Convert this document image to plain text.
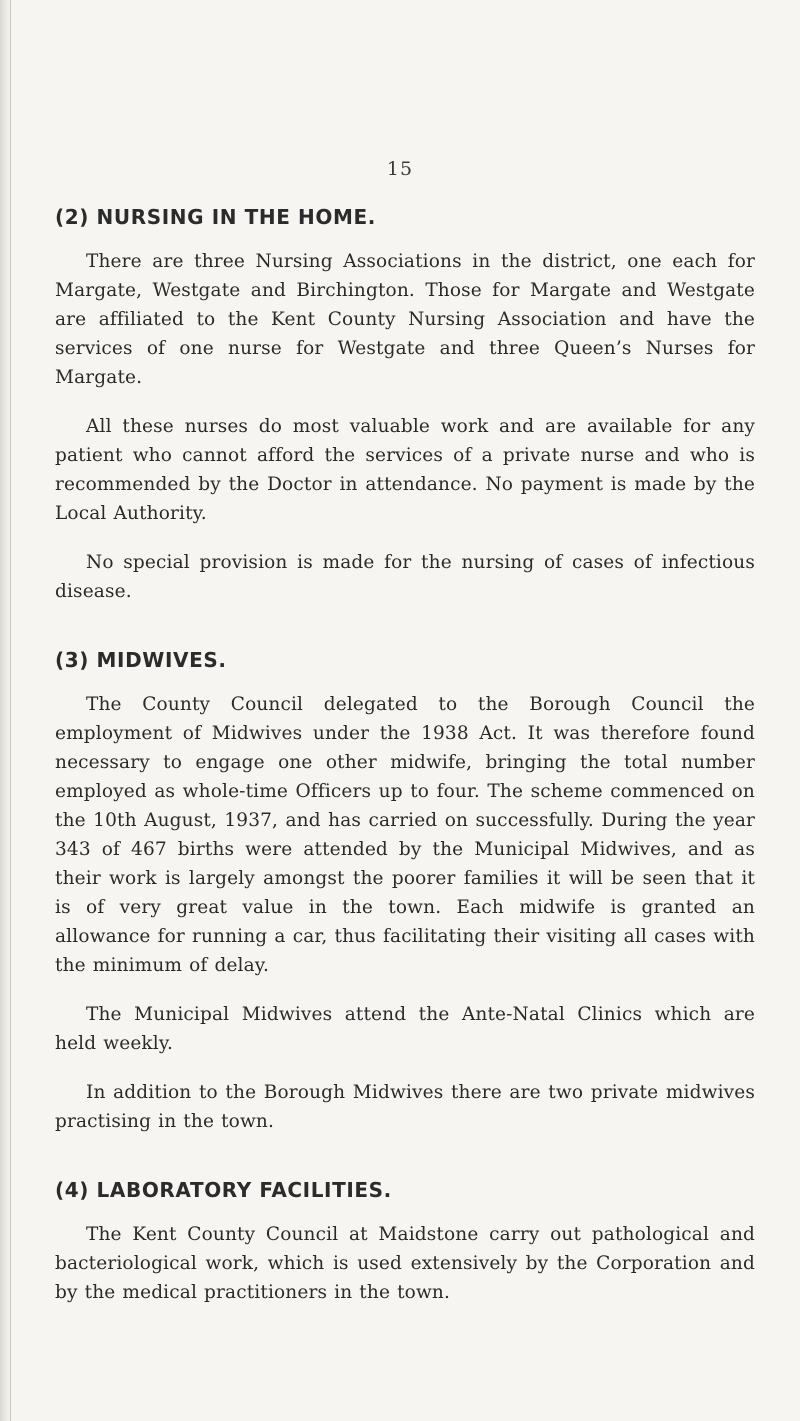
15
(2) NURSING IN THE HOME.

There are three Nursing Associations in the district, one each for Margate, Westgate and Birchington. Those for Margate and Westgate are affiliated to the Kent County Nursing Association and have the services of one nurse for Westgate and three Queen’s Nurses for Margate.

All these nurses do most valuable work and are available for any patient who cannot afford the services of a private nurse and who is recommended by the Doctor in attendance. No payment is made by the Local Authority.

No special provision is made for the nursing of cases of infectious disease.

(3) MIDWIVES.

The County Council delegated to the Borough Council the employment of Midwives under the 1938 Act. It was therefore found necessary to engage one other midwife, bringing the total number employed as whole-time Officers up to four. The scheme commenced on the 10th August, 1937, and has carried on successfully. During the year 343 of 467 births were attended by the Municipal Midwives, and as their work is largely amongst the poorer families it will be seen that it is of very great value in the town. Each midwife is granted an allowance for running a car, thus facilitating their visiting all cases with the minimum of delay.

The Municipal Midwives attend the Ante-Natal Clinics which are held weekly.

In addition to the Borough Midwives there are two private midwives practising in the town.

(4) LABORATORY FACILITIES.

The Kent County Council at Maidstone carry out pathological and bacteriological work, which is used extensively by the Corporation and by the medical practitioners in the town.
